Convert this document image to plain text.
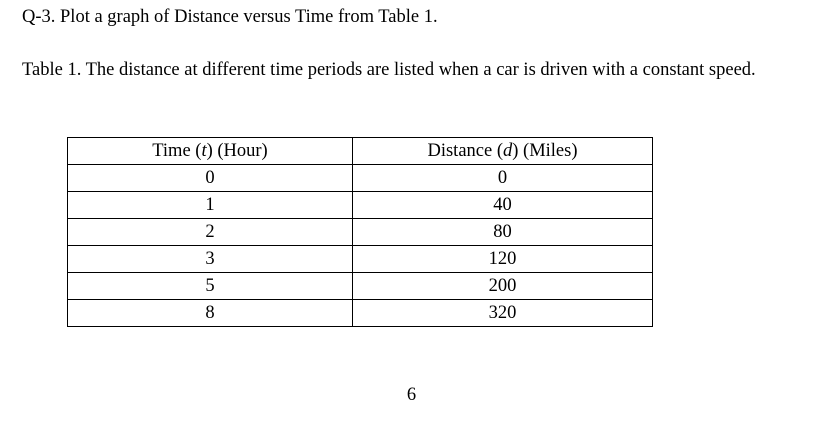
Q-3. Plot a graph of Distance versus Time from Table 1.
Table 1. The distance at different time periods are listed when a car is driven with a constant speed.
Time (t) (Hour)	Distance (d) (Miles)
0	0
1	40
2	80
3	120
5	200
8	320
6
